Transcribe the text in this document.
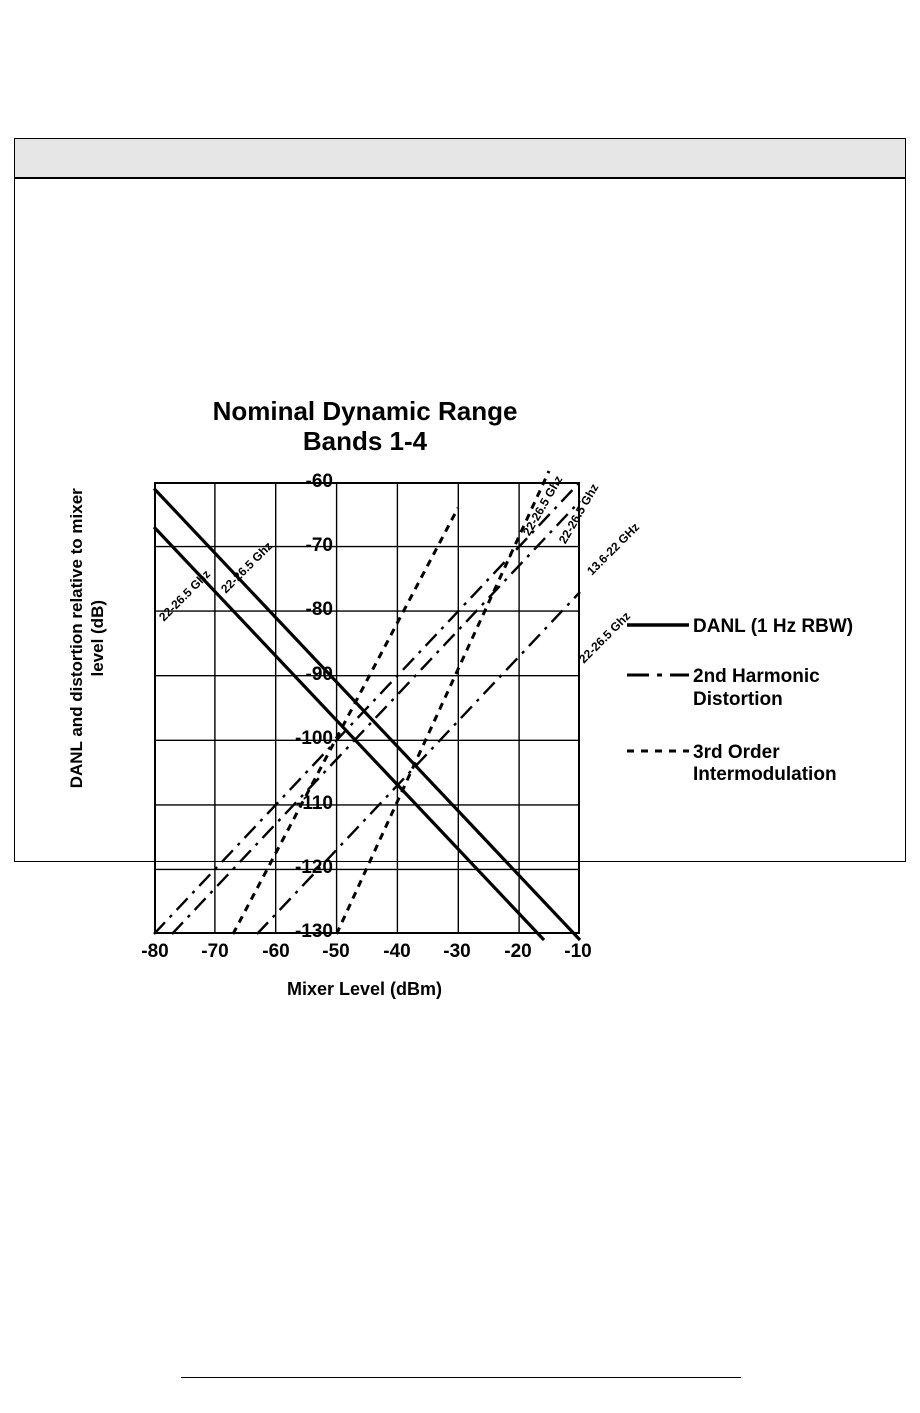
Nominal Dynamic Range
Bands 1-4
DANL and distortion relative to mixer level (dB)
Mixer Level (dBm)
-60
-70
-80
-90
-100
-110
-120
-130
-80	-70	-60	-50	-40	-30	-20	-10
22-26.5 Ghz 22-26.5 Ghz
22-26.5 Ghz
22-26.5 Ghz
13.6-22 GHz
22-26.5 Ghz	DANL (1 Hz RBW)
2nd Harmonic Distortion
3rd Order Intermodulation
